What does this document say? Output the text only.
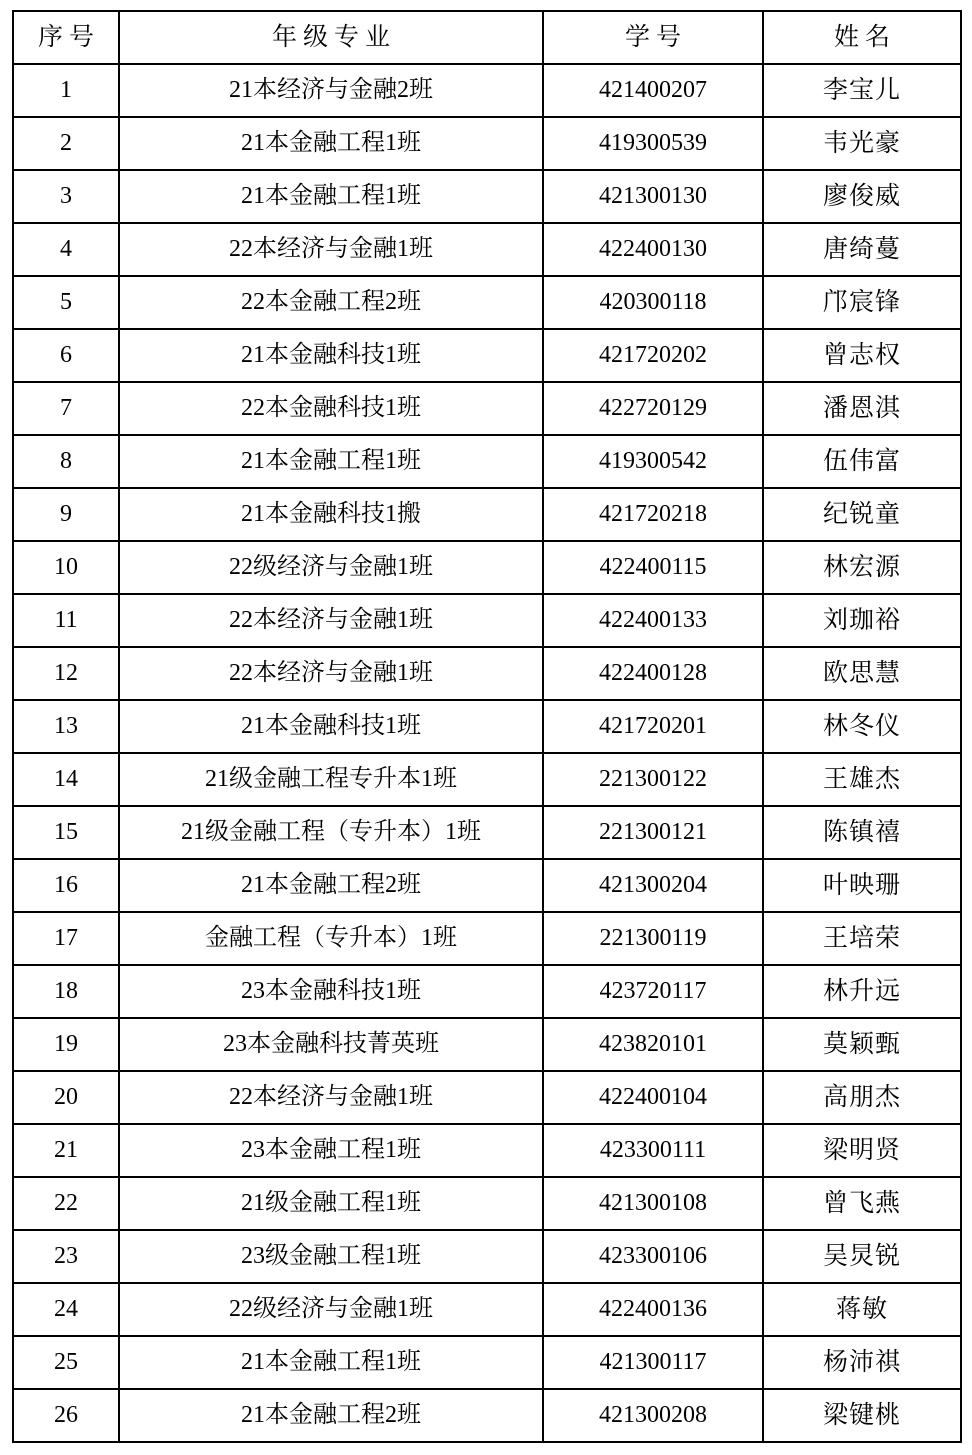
序号	年级专业	学号	姓名
1	21本经济与金融2班	421400207	李宝儿
2	21本金融工程1班	419300539	韦光豪
3	21本金融工程1班	421300130	廖俊威
4	22本经济与金融1班	422400130	唐绮蔓
5	22本金融工程2班	420300118	邝宸锋
6	21本金融科技1班	421720202	曾志权
7	22本金融科技1班	422720129	潘恩淇
8	21本金融工程1班	419300542	伍伟富
9	21本金融科技1搬	421720218	纪锐童
10	22级经济与金融1班	422400115	林宏源
11	22本经济与金融1班	422400133	刘珈裕
12	22本经济与金融1班	422400128	欧思慧
13	21本金融科技1班	421720201	林冬仪
14	21级金融工程专升本1班	221300122	王雄杰
15	21级金融工程（专升本）1班	221300121	陈镇禧
16	21本金融工程2班	421300204	叶映珊
17	金融工程（专升本）1班	221300119	王培荣
18	23本金融科技1班	423720117	林升远
19	23本金融科技菁英班	423820101	莫颖甄
20	22本经济与金融1班	422400104	高朋杰
21	23本金融工程1班	423300111	梁明贤
22	21级金融工程1班	421300108	曾飞燕
23	23级金融工程1班	423300106	吴炅锐
24	22级经济与金融1班	422400136	蒋敏
25	21本金融工程1班	421300117	杨沛祺
26	21本金融工程2班	421300208	梁键桃
